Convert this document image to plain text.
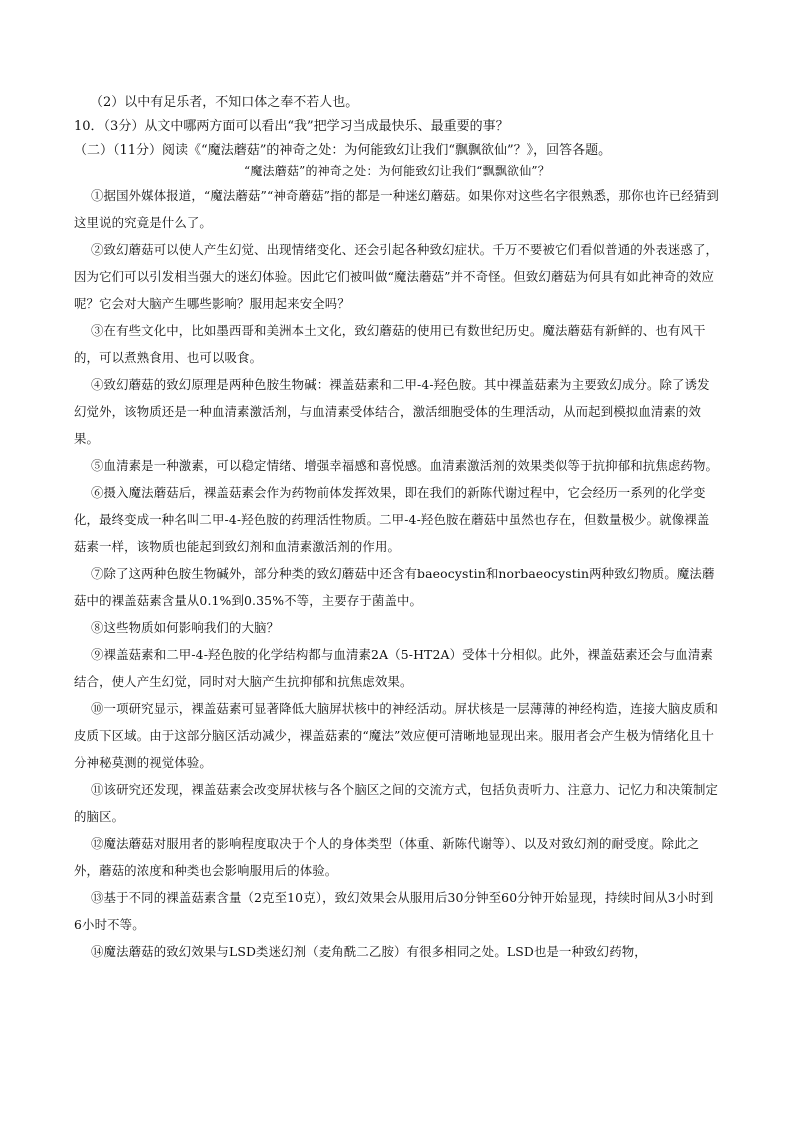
（2）以中有足乐者，不知口体之奉不若人也。

10．（3分）从文中哪两方面可以看出“我”把学习当成最快乐、最重要的事？

（二）（11分）阅读《“魔法蘑菇”的神奇之处：为何能致幻让我们“飘飘欲仙”？》，回答各题。

“魔法蘑菇”的神奇之处：为何能致幻让我们“飘飘欲仙”？

①据国外媒体报道，“魔法蘑菇”“神奇蘑菇”指的都是一种迷幻蘑菇。如果你对这些名字很熟悉，那你也许已经猜到这里说的究竟是什么了。

②致幻蘑菇可以使人产生幻觉、出现情绪变化、还会引起各种致幻症状。千万不要被它们看似普通的外表迷惑了，因为它们可以引发相当强大的迷幻体验。因此它们被叫做“魔法蘑菇”并不奇怪。但致幻蘑菇为何具有如此神奇的效应呢？它会对大脑产生哪些影响？服用起来安全吗？

③在有些文化中，比如墨西哥和美洲本土文化，致幻蘑菇的使用已有数世纪历史。魔法蘑菇有新鲜的、也有风干的，可以煮熟食用、也可以吸食。

④致幻蘑菇的致幻原理是两种色胺生物碱：裸盖菇素和二甲-4-羟色胺。其中裸盖菇素为主要致幻成分。除了诱发幻觉外，该物质还是一种血清素激活剂，与血清素受体结合，激活细胞受体的生理活动，从而起到模拟血清素的效果。

⑤血清素是一种激素，可以稳定情绪、增强幸福感和喜悦感。血清素激活剂的效果类似等于抗抑郁和抗焦虑药物。

⑥摄入魔法蘑菇后，裸盖菇素会作为药物前体发挥效果，即在我们的新陈代谢过程中，它会经历一系列的化学变化，最终变成一种名叫二甲-4-羟色胺的药理活性物质。二甲-4-羟色胺在蘑菇中虽然也存在，但数量极少。就像裸盖菇素一样，该物质也能起到致幻剂和血清素激活剂的作用。

⑦除了这两种色胺生物碱外，部分种类的致幻蘑菇中还含有baeocystin和norbaeocystin两种致幻物质。魔法蘑菇中的裸盖菇素含量从0.1%到0.35%不等，主要存于菌盖中。

⑧这些物质如何影响我们的大脑？

⑨裸盖菇素和二甲-4-羟色胺的化学结构都与血清素2A（5-HT2A）受体十分相似。此外，裸盖菇素还会与血清素结合，使人产生幻觉，同时对大脑产生抗抑郁和抗焦虑效果。

⑩一项研究显示，裸盖菇素可显著降低大脑屏状核中的神经活动。屏状核是一层薄薄的神经构造，连接大脑皮质和皮质下区域。由于这部分脑区活动减少，裸盖菇素的“魔法”效应便可清晰地显现出来。服用者会产生极为情绪化且十分神秘莫测的视觉体验。

⑪该研究还发现，裸盖菇素会改变屏状核与各个脑区之间的交流方式，包括负责听力、注意力、记忆力和决策制定的脑区。

⑫魔法蘑菇对服用者的影响程度取决于个人的身体类型（体重、新陈代谢等）、以及对致幻剂的耐受度。除此之外，蘑菇的浓度和种类也会影响服用后的体验。

⑬基于不同的裸盖菇素含量（2克至10克），致幻效果会从服用后30分钟至60分钟开始显现，持续时间从3小时到6小时不等。

⑭魔法蘑菇的致幻效果与LSD类迷幻剂（麦角酰二乙胺）有很多相同之处。LSD也是一种致幻药物，
